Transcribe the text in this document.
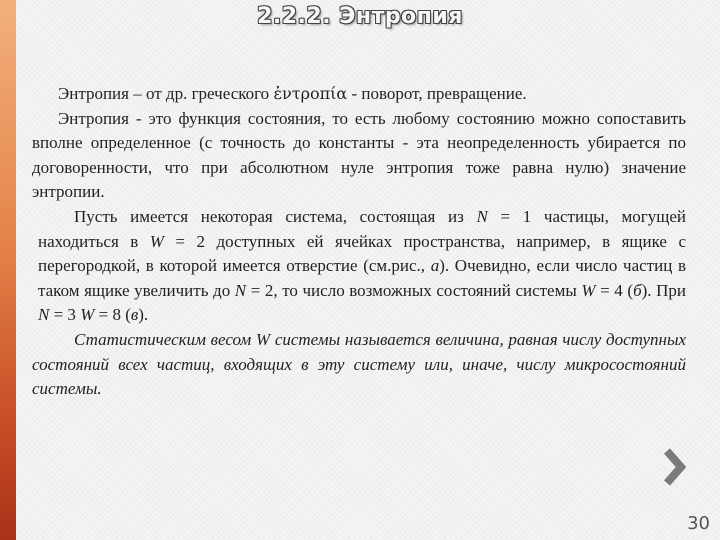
2.2.2. Энтропия

Энтропия – от др. греческого ἐντροπία - поворот, превращение.

Энтропия - это функция состояния, то есть любому состоянию можно сопоставить вполне определенное (с точность до константы - эта неопределенность убирается по договоренности, что при абсолютном нуле энтропия тоже равна нулю) значение энтропии.

Пусть имеется некоторая система, состоящая из N = 1 частицы, могущей находиться в W = 2 доступных ей ячейках пространства, например, в ящике с перегородкой, в которой имеется отверстие (см.рис., а). Очевидно, если число частиц в таком ящике увеличить до N = 2, то число возможных состояний системы W = 4 (б). При N = 3 W = 8 (в).

Статистическим весом W системы называется величина, равная числу доступных состояний всех частиц, входящих в эту систему или, иначе, числу микросостояний системы.

30
